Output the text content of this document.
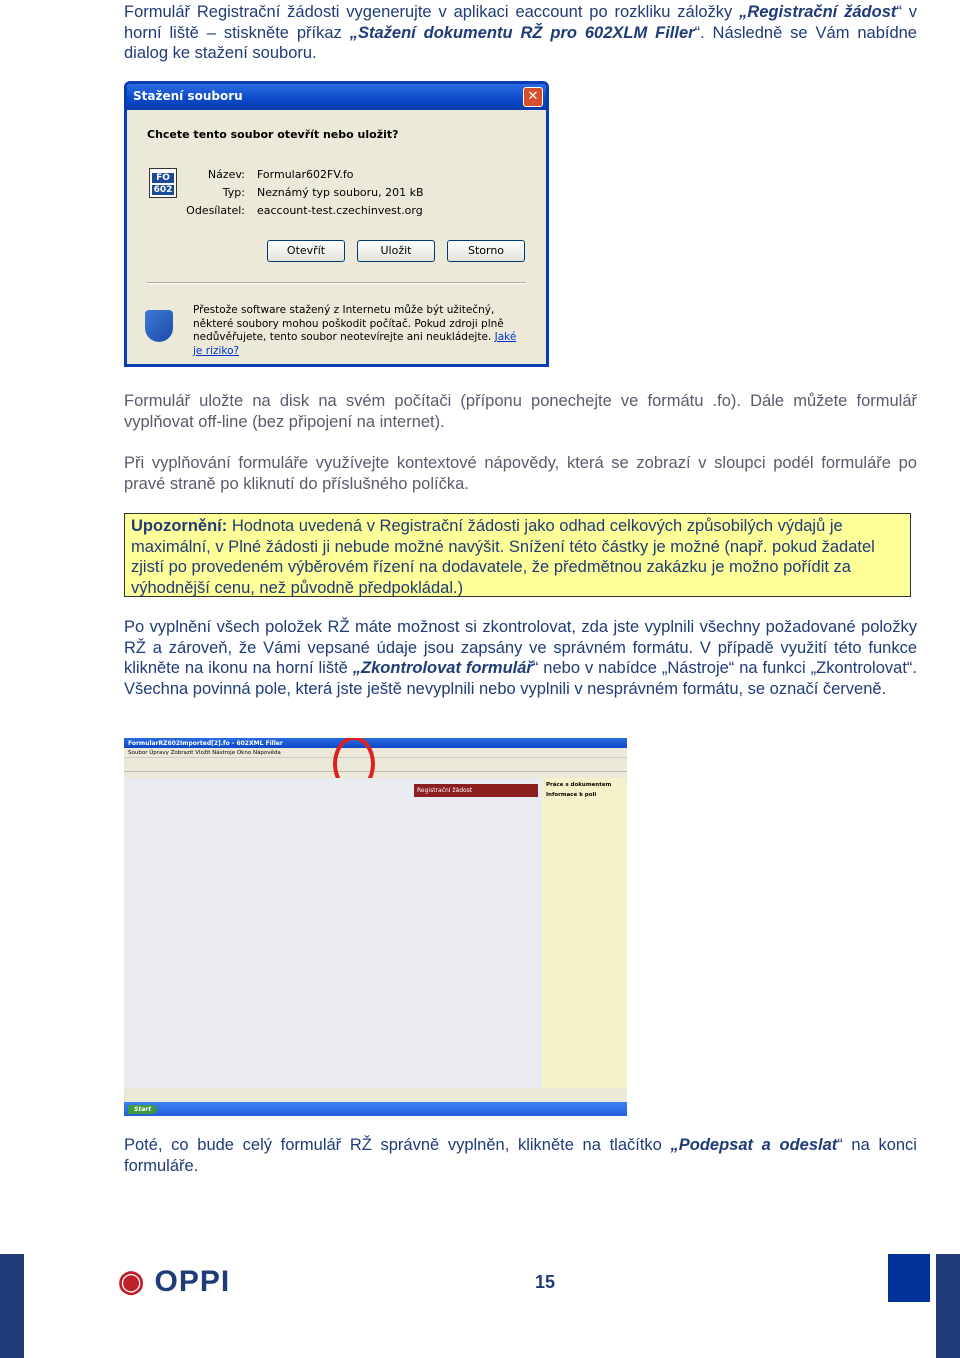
Formulář Registrační žádosti vygenerujte v aplikaci eaccount po rozkliku záložky „Registrační žádost“ v horní liště – stiskněte příkaz „Stažení dokumentu RŽ pro 602XLM Filler“. Následně se Vám nabídne dialog ke stažení souboru.
Stažení souboru	✕
Chcete tento soubor otevřít nebo uložit?
FO
602
Název: Formular602FV.fo
Typ: Neznámý typ souboru, 201 kB
Odesílatel: eaccount-test.czechinvest.org
Otevřít	Uložit	Storno
Přestože software stažený z Internetu může být užitečný, některé soubory mohou poškodit počítač. Pokud zdroji plně nedůvěřujete, tento soubor neotevírejte ani neukládejte. Jaké je riziko?
Formulář uložte na disk na svém počítači (příponu ponechejte ve formátu .fo). Dále můžete formulář vyplňovat off-line (bez připojení na internet).
Při vyplňování formuláře využívejte kontextové nápovědy, která se zobrazí v sloupci podél formuláře po pravé straně po kliknutí do příslušného políčka.
Upozornění: Hodnota uvedená v Registrační žádosti jako odhad celkových způsobilých výdajů je maximální, v Plné žádosti ji nebude možné navýšit. Snížení této částky je možné (např. pokud žadatel zjistí po provedeném výběrovém řízení na dodavatele, že předmětnou zakázku je možno pořídit za výhodnější cenu, než původně předpokládal.)
Po vyplnění všech položek RŽ máte možnost si zkontrolovat, zda jste vyplnili všechny požadované položky RŽ a zároveň, že Vámi vepsané údaje jsou zapsány ve správném formátu. V případě využití této funkce klikněte na ikonu na horní liště „Zkontrolovat formulář“ nebo v nabídce „Nástroje“ na funkci „Zkontrolovat“. Všechna povinná pole, která jste ještě nevyplnili nebo vyplnili v nesprávném formátu, se označí červeně.
FormularRZ602Imported[2].fo - 602XML Filler
Soubor Úpravy Zobrazit Vložit Nástroje Okno Nápověda
Registrační žádost
Práce s dokumentem
Informace k poli
Start
Poté, co bude celý formulář RŽ správně vyplněn, klikněte na tlačítko „Podepsat a odeslat“ na konci formuláře.
◉ OPPI	15
